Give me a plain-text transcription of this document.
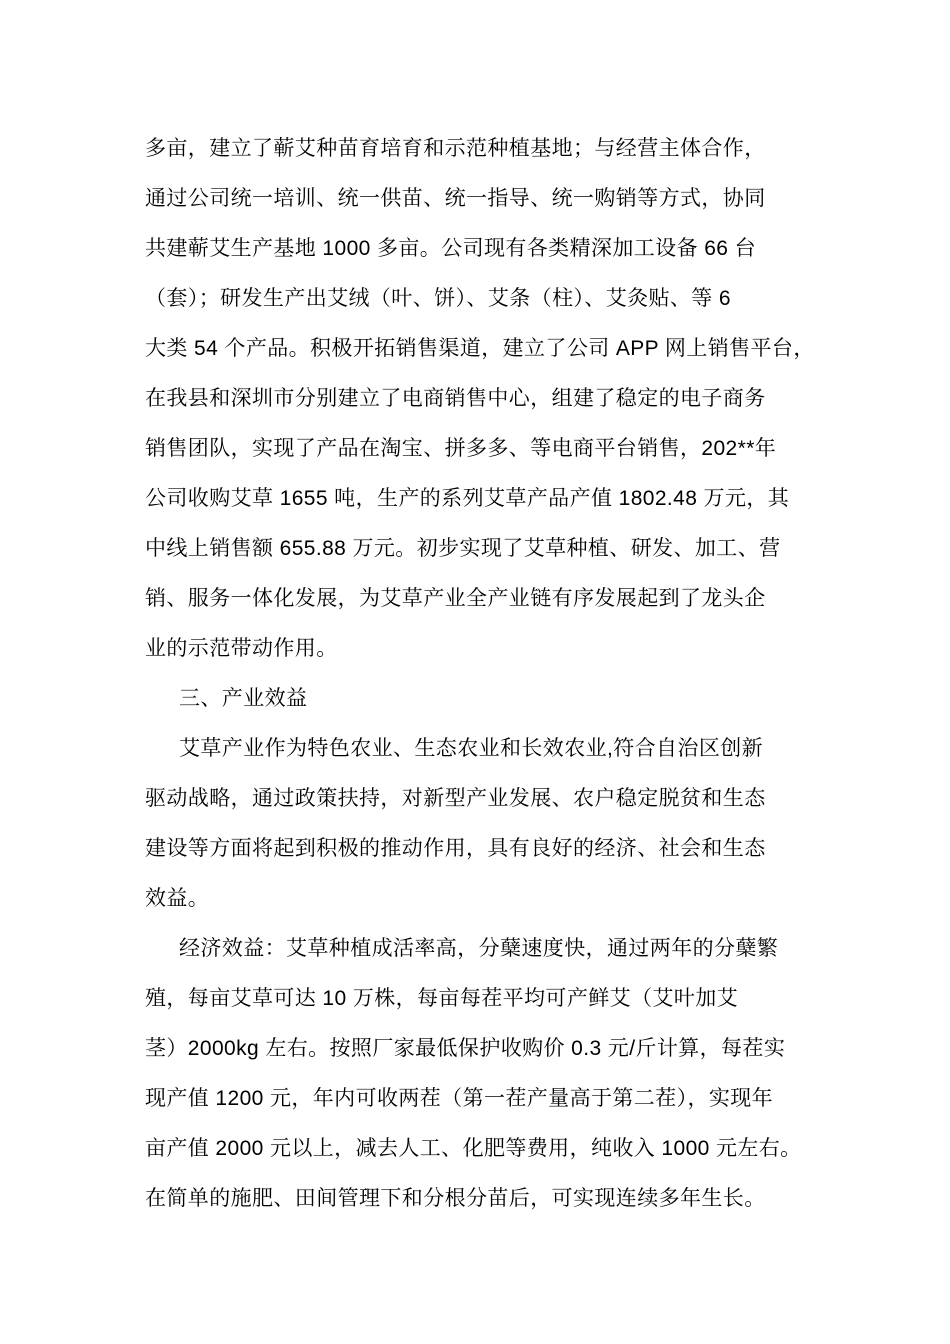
多亩，建立了蕲艾种苗育培育和示范种植基地；与经营主体合作，
通过公司统一培训、统一供苗、统一指导、统一购销等方式，协同
共建蕲艾生产基地 1000 多亩。公司现有各类精深加工设备 66 台
（套）；研发生产出艾绒（叶、饼）、艾条（柱）、艾灸贴、等 6
大类 54 个产品。积极开拓销售渠道，建立了公司 APP 网上销售平台，
在我县和深圳市分别建立了电商销售中心，组建了稳定的电子商务
销售团队，实现了产品在淘宝、拼多多、等电商平台销售，202**年
公司收购艾草 1655 吨，生产的系列艾草产品产值 1802.48 万元，其
中线上销售额 655.88 万元。初步实现了艾草种植、研发、加工、营
销、服务一体化发展，为艾草产业全产业链有序发展起到了龙头企
业的示范带动作用。
三、产业效益
艾草产业作为特色农业、生态农业和长效农业,符合自治区创新
驱动战略，通过政策扶持，对新型产业发展、农户稳定脱贫和生态
建设等方面将起到积极的推动作用，具有良好的经济、社会和生态
效益。
经济效益：艾草种植成活率高，分蘖速度快，通过两年的分蘖繁
殖，每亩艾草可达 10 万株，每亩每茬平均可产鲜艾（艾叶加艾
茎）2000kg 左右。按照厂家最低保护收购价 0.3 元/斤计算，每茬实
现产值 1200 元，年内可收两茬（第一茬产量高于第二茬），实现年
亩产值 2000 元以上，减去人工、化肥等费用，纯收入 1000 元左右。
在简单的施肥、田间管理下和分根分苗后，可实现连续多年生长。
